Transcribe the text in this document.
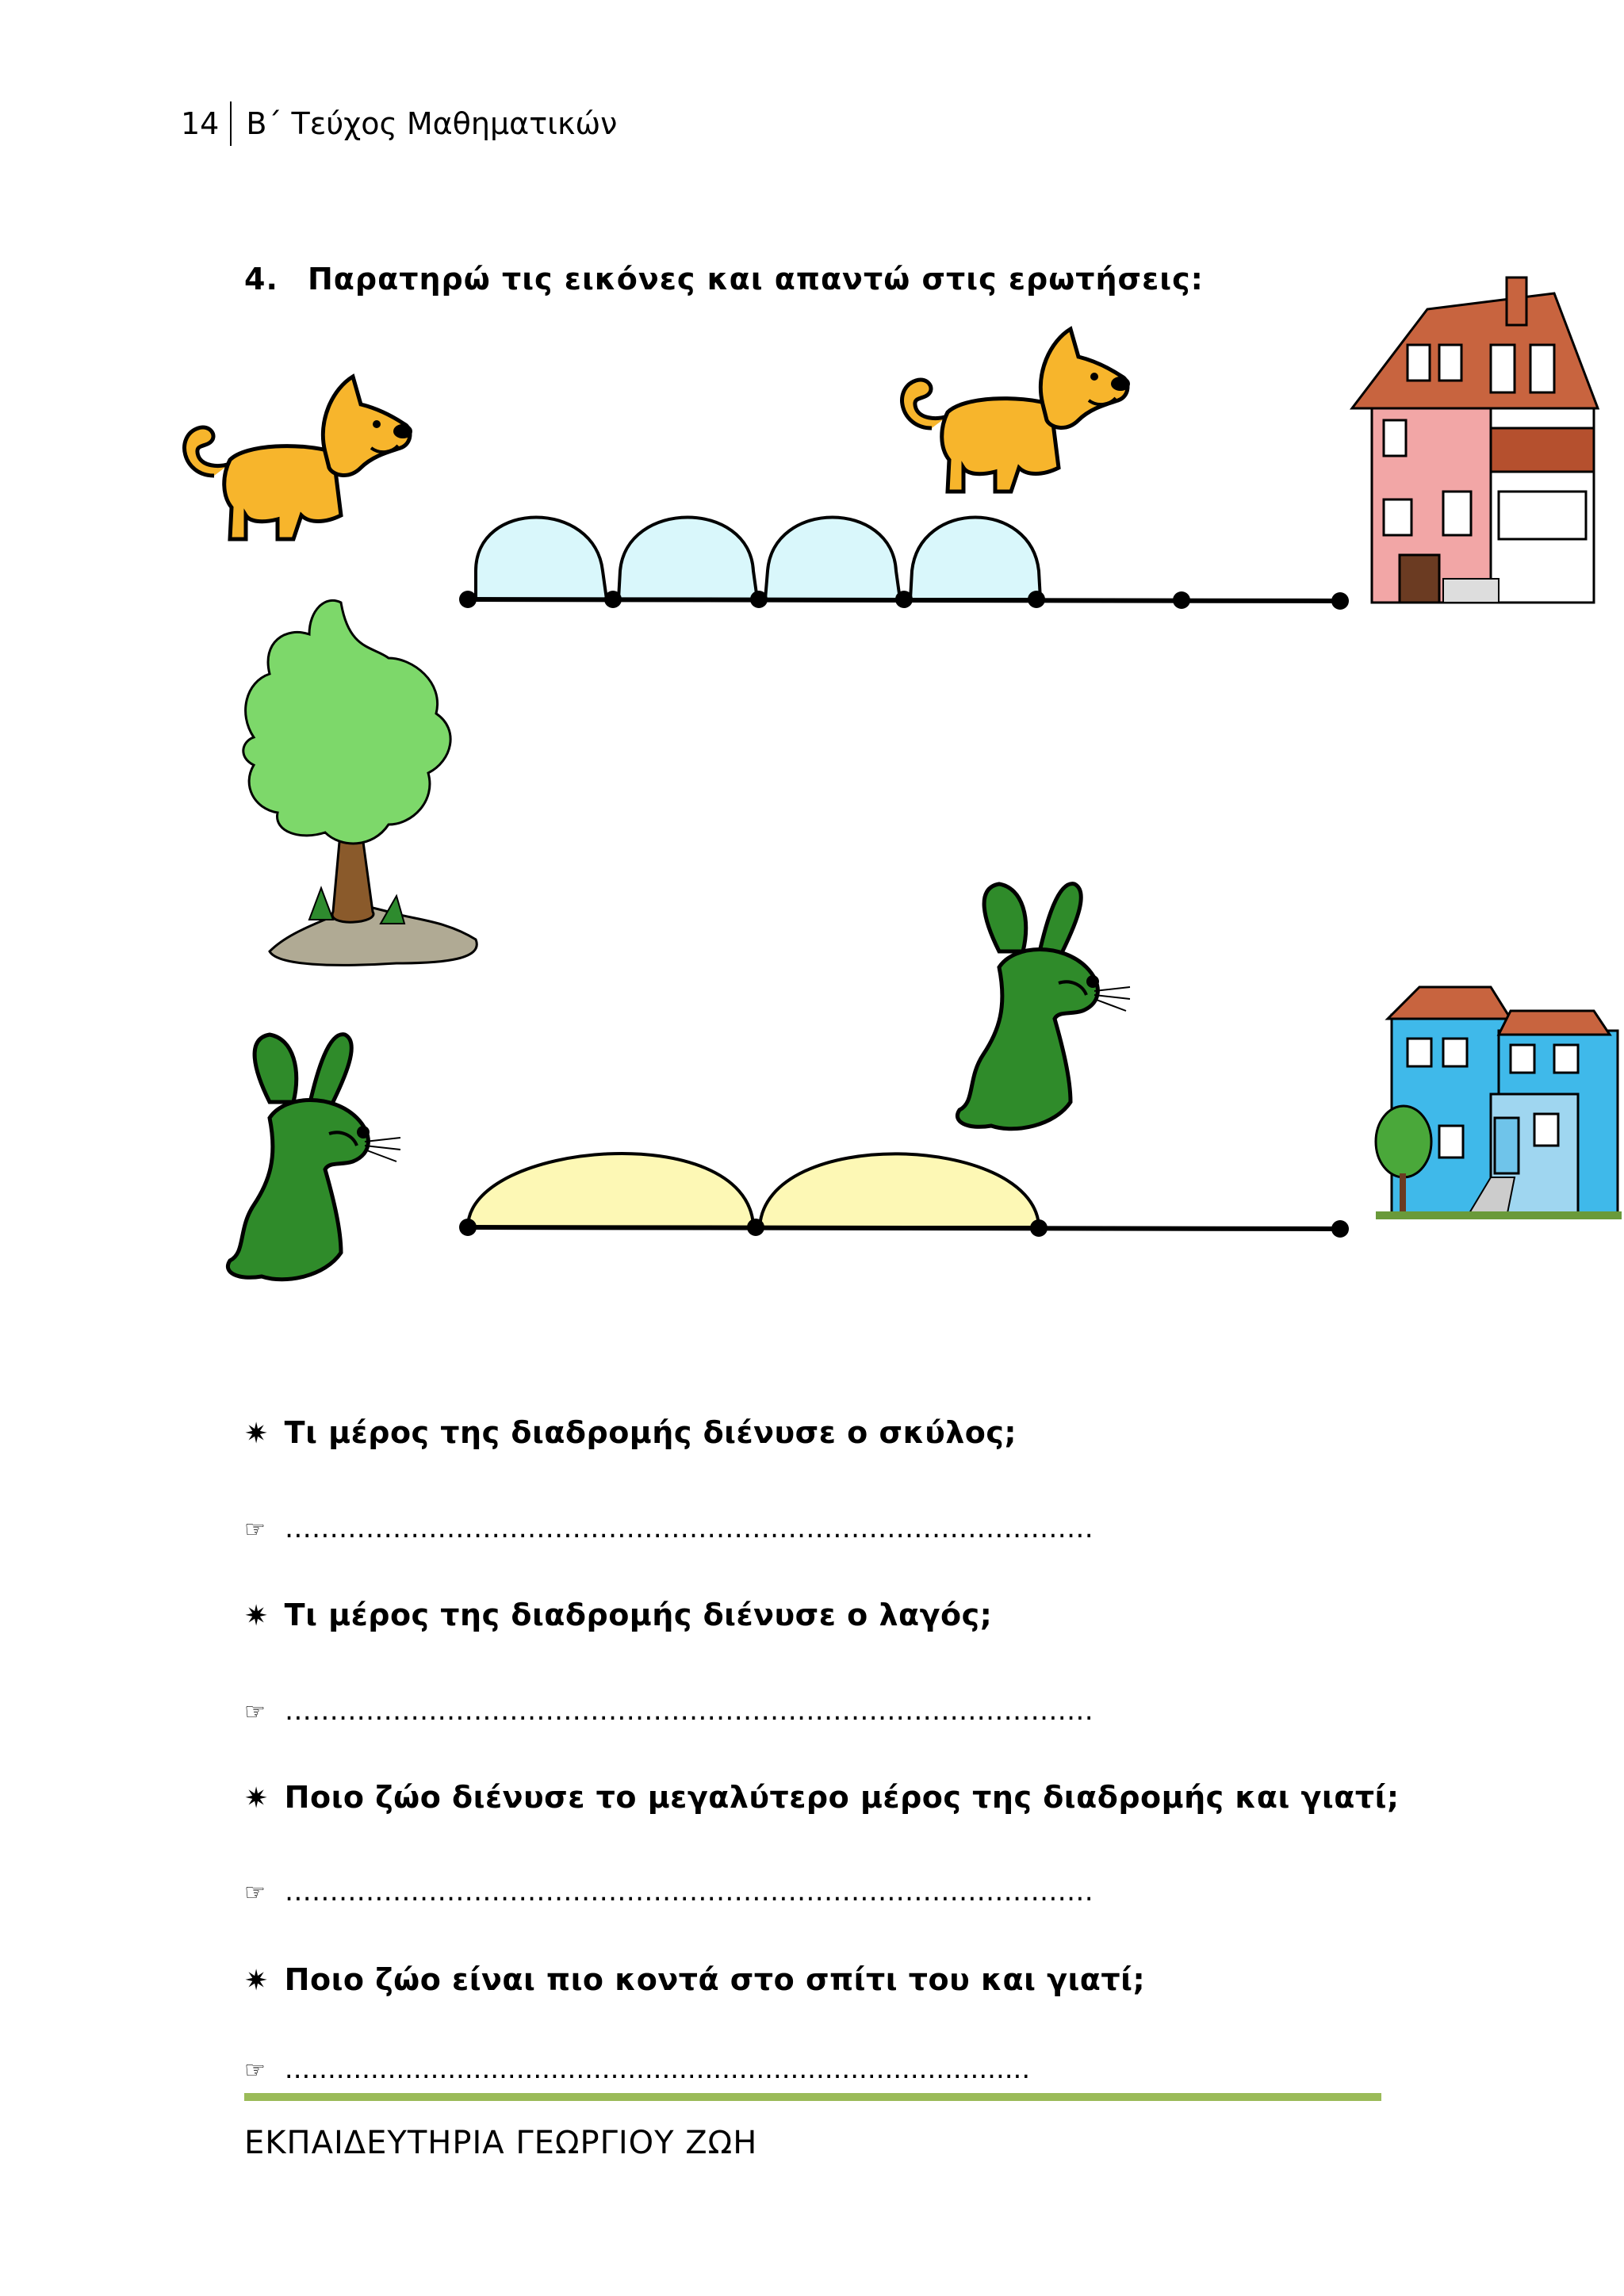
14 Β΄ Τεύχος Μαθηματικών
4. Παρατηρώ τις εικόνες και απαντώ στις ερωτήσεις:
✷ Τι μέρος της διαδρομής διένυσε ο σκύλος;
☞ ………………………………………………………………………………
✷ Τι μέρος της διαδρομής διένυσε ο λαγός;
☞ ………………………………………………………………………………
✷ Ποιο ζώο διένυσε το μεγαλύτερο μέρος της διαδρομής και γιατί;
☞ ………………………………………………………………………………
✷ Ποιο ζώο είναι πιο κοντά στο σπίτι του και γιατί;
☞ .......................................................................................
ΕΚΠΑΙΔΕΥΤΗΡΙΑ ΓΕΩΡΓΙΟΥ ΖΩΗ
